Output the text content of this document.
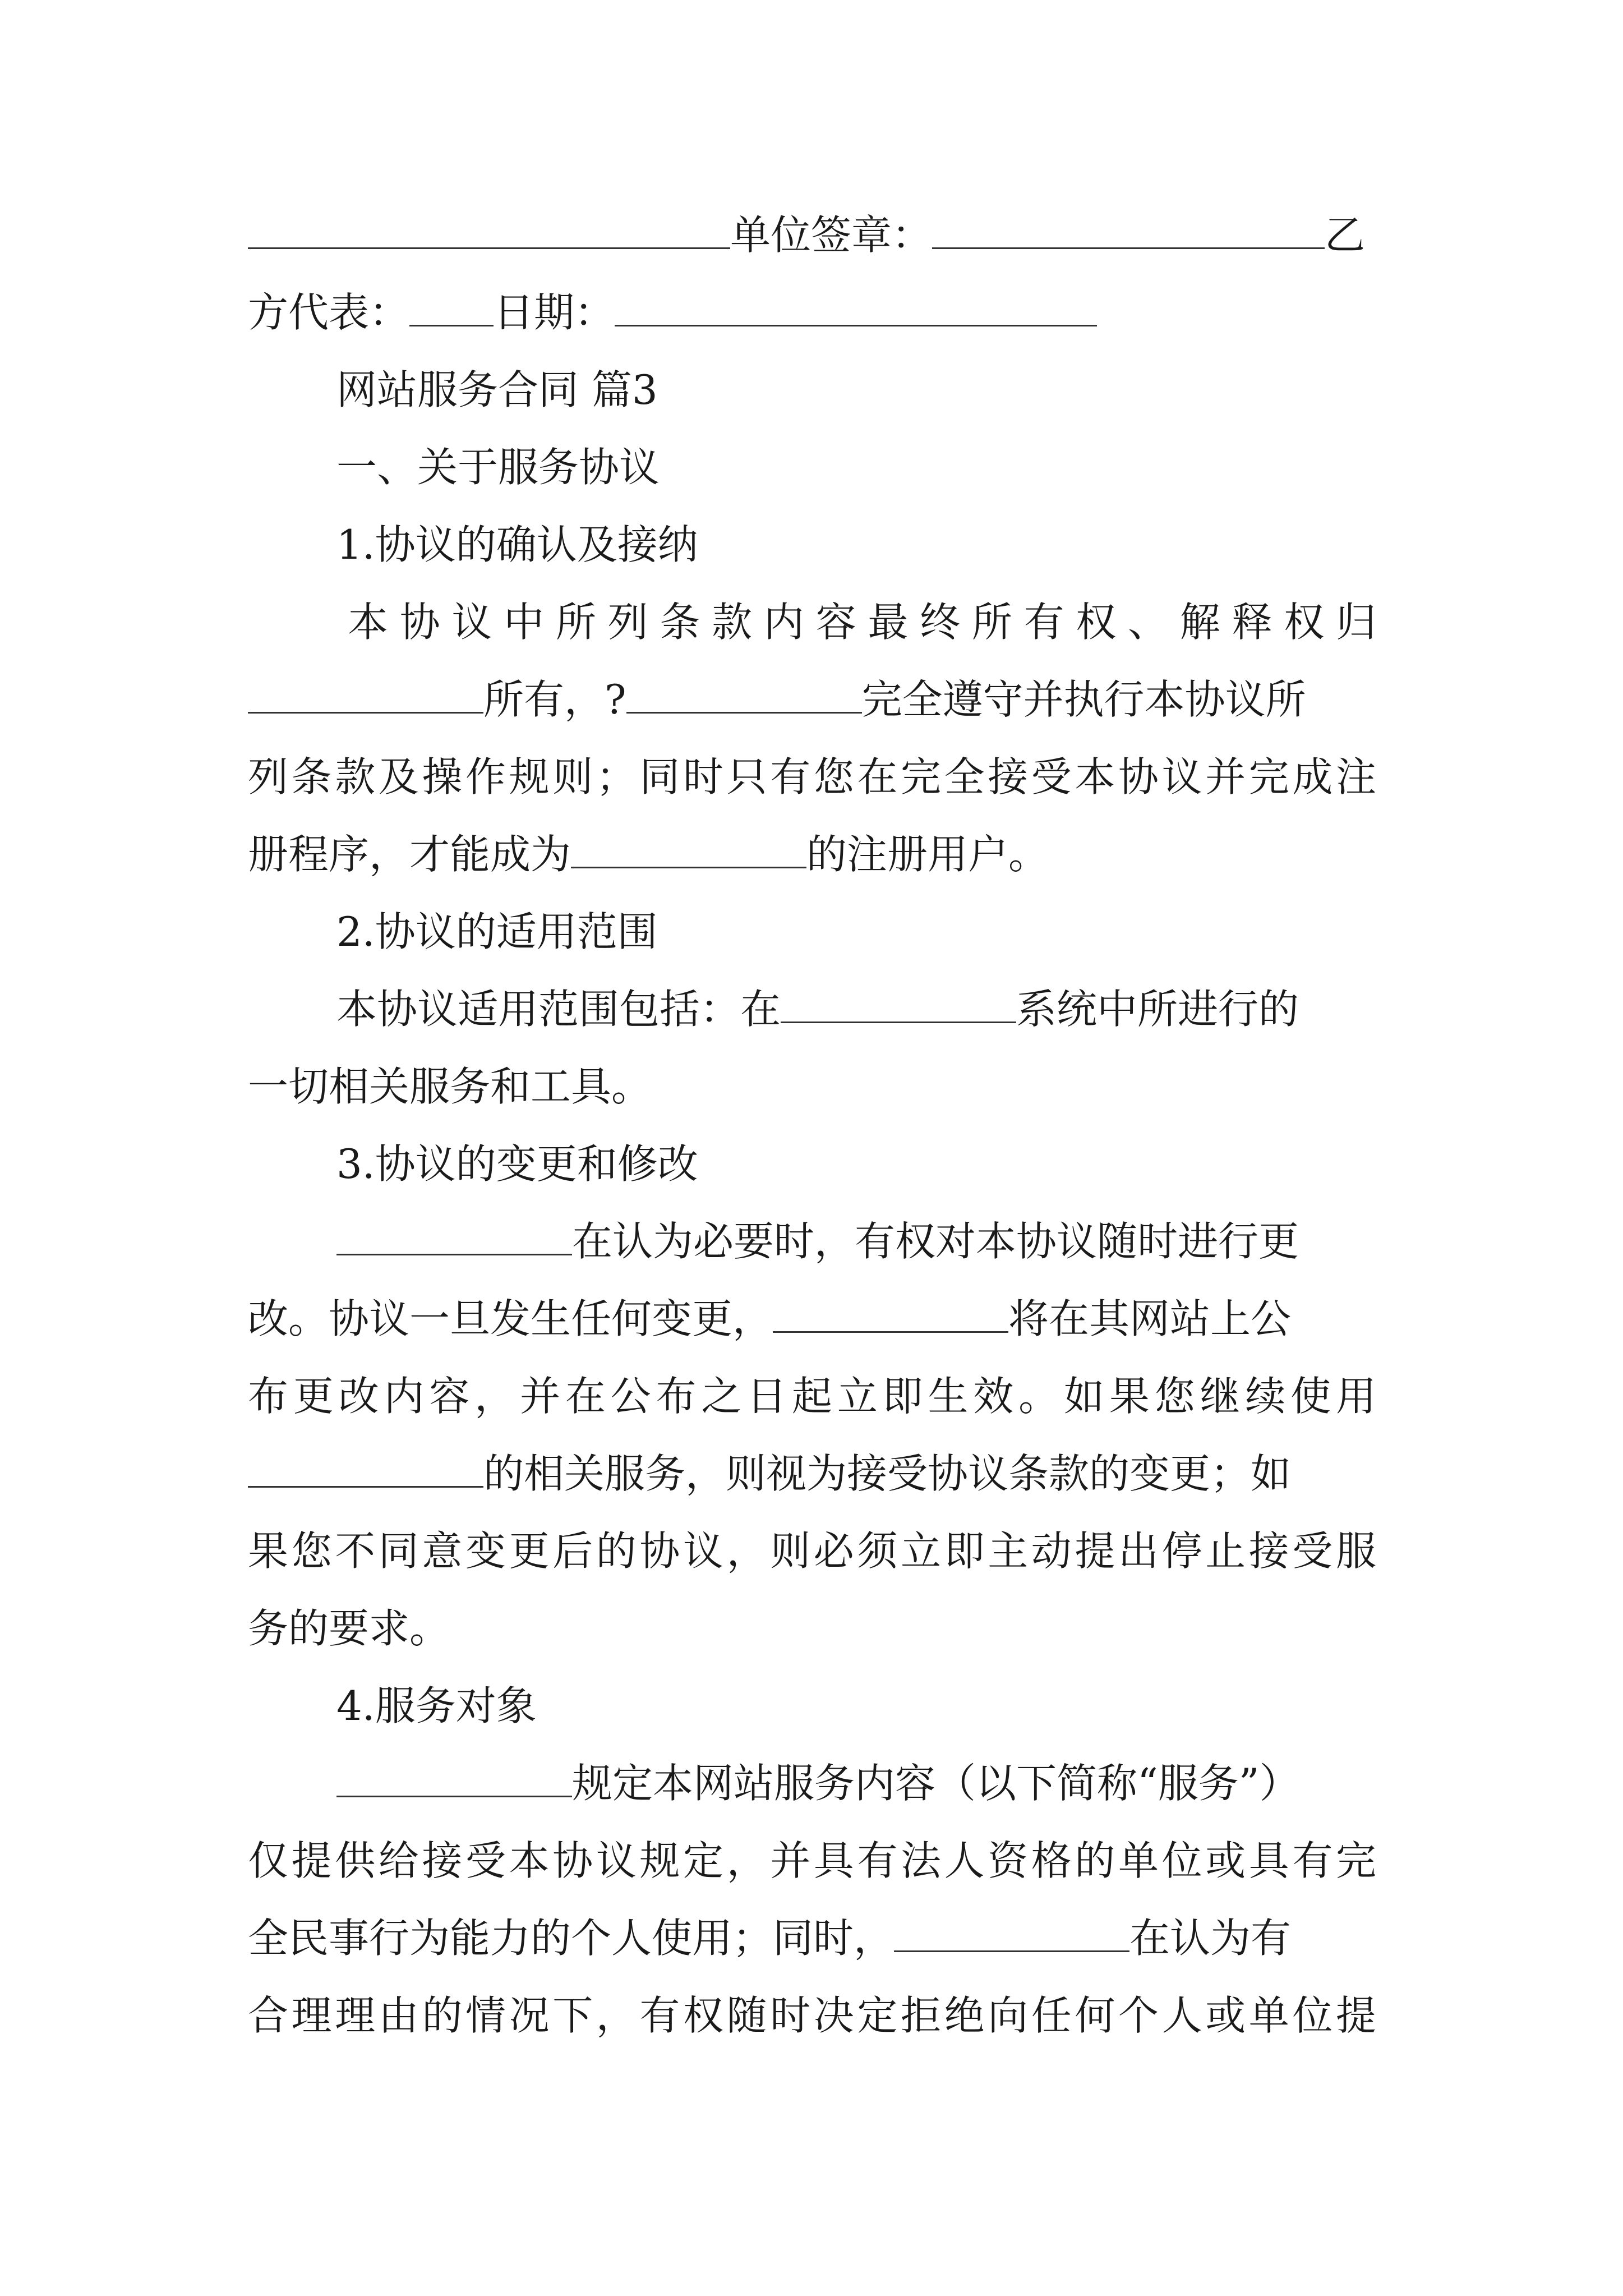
单位签章：	乙
方代表： 日期：
网站服务合同 篇3
一、关于服务协议
1.协议的确认及接纳
本协议中所列条款内容最终所有权、解释权归
所有，?	完全遵守并执行本协议所
列条款及操作规则；同时只有您在完全接受本协议并完成注
册程序，才能成为	的注册用户。
2.协议的适用范围
本协议适用范围包括：在	系统中所进行的
一切相关服务和工具。
3.协议的变更和修改
在认为必要时，有权对本协议随时进行更
改。协议一旦发生任何变更，	将在其网站上公
布更改内容，并在公布之日起立即生效。如果您继续使用
的相关服务，则视为接受协议条款的变更；如
果您不同意变更后的协议，则必须立即主动提出停止接受服
务的要求。
4.服务对象
规定本网站服务内容（以下简称“服务”）
仅提供给接受本协议规定，并具有法人资格的单位或具有完
全民事行为能力的个人使用；同时，	在认为有
合理理由的情况下，有权随时决定拒绝向任何个人或单位提
